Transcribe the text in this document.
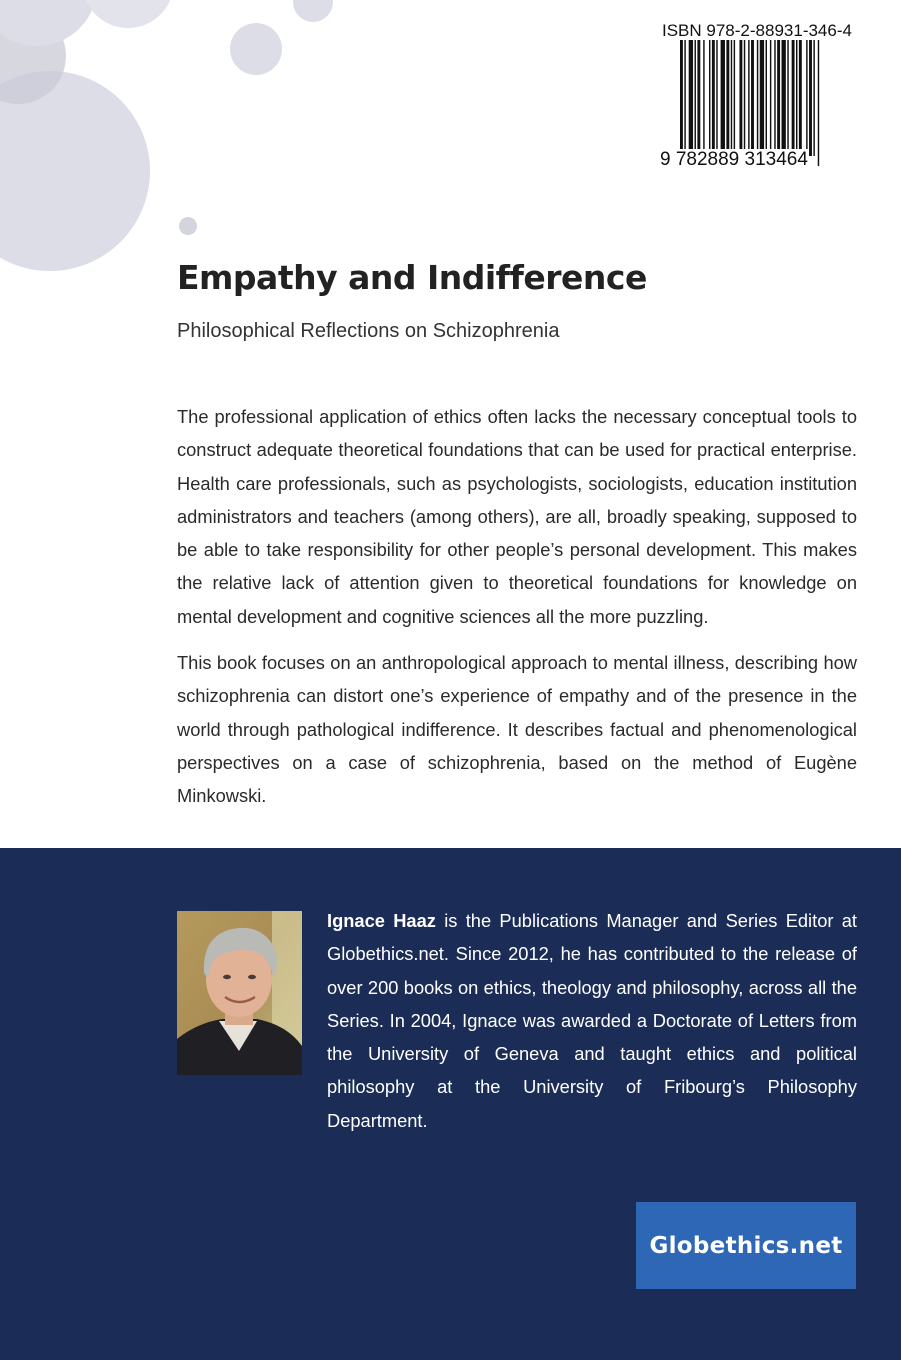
ISBN 978-2-88931-346-4
9 782889 313464
Empathy and Indifference
Philosophical Reflections on Schizophrenia

The professional application of ethics often lacks the necessary conceptual tools to construct adequate theoretical foundations that can be used for practical enterprise. Health care professionals, such as psychologists, sociologists, education institution administrators and teachers (among others), are all, broadly speaking, supposed to be able to take responsibility for other people’s personal development. This makes the relative lack of attention given to theoretical foundations for knowledge on mental development and cognitive sciences all the more puzzling.

This book focuses on an anthropological approach to mental illness, describing how schizophrenia can distort one’s experience of empathy and of the presence in the world through pathological indifference. It describes factual and phenomenological perspectives on a case of schizophrenia, based on the method of Eugène Minkowski.

Ignace Haaz is the Publications Manager and Series Editor at Globethics.net. Since 2012, he has contributed to the release of over 200 books on ethics, theology and philosophy, across all the Series. In 2004, Ignace was awarded a Doctorate of Letters from the University of Geneva and taught ethics and political philosophy at the University of Fribourg’s Philosophy Department.
Globethics.net
